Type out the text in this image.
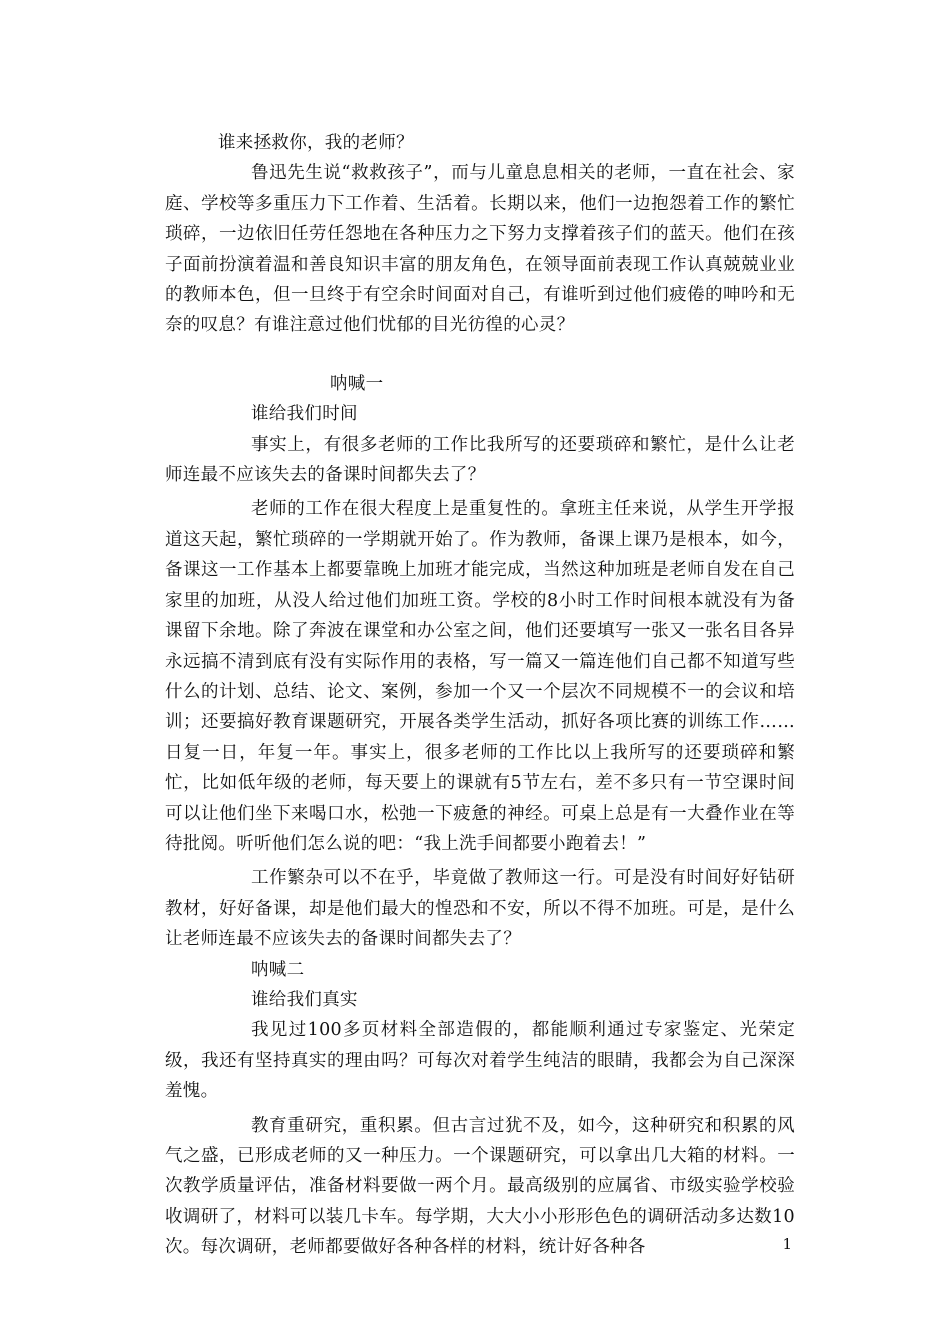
谁来拯救你，我的老师？

鲁迅先生说“救救孩子”，而与儿童息息相关的老师，一直在社会、家庭、学校等多重压力下工作着、生活着。长期以来，他们一边抱怨着工作的繁忙琐碎，一边依旧任劳任怨地在各种压力之下努力支撑着孩子们的蓝天。他们在孩子面前扮演着温和善良知识丰富的朋友角色，在领导面前表现工作认真兢兢业业的教师本色，但一旦终于有空余时间面对自己，有谁听到过他们疲倦的呻吟和无奈的叹息？有谁注意过他们忧郁的目光彷徨的心灵？

呐喊一

谁给我们时间

事实上，有很多老师的工作比我所写的还要琐碎和繁忙，是什么让老师连最不应该失去的备课时间都失去了？

老师的工作在很大程度上是重复性的。拿班主任来说，从学生开学报道这天起，繁忙琐碎的一学期就开始了。作为教师，备课上课乃是根本，如今，备课这一工作基本上都要靠晚上加班才能完成，当然这种加班是老师自发在自己家里的加班，从没人给过他们加班工资。学校的8小时工作时间根本就没有为备课留下余地。除了奔波在课堂和办公室之间，他们还要填写一张又一张名目各异永远搞不清到底有没有实际作用的表格，写一篇又一篇连他们自己都不知道写些什么的计划、总结、论文、案例，参加一个又一个层次不同规模不一的会议和培训；还要搞好教育课题研究，开展各类学生活动，抓好各项比赛的训练工作……日复一日，年复一年。事实上，很多老师的工作比以上我所写的还要琐碎和繁忙，比如低年级的老师，每天要上的课就有5节左右，差不多只有一节空课时间可以让他们坐下来喝口水，松弛一下疲惫的神经。可桌上总是有一大叠作业在等待批阅。听听他们怎么说的吧：“我上洗手间都要小跑着去！”

工作繁杂可以不在乎，毕竟做了教师这一行。可是没有时间好好钻研教材，好好备课，却是他们最大的惶恐和不安，所以不得不加班。可是，是什么让老师连最不应该失去的备课时间都失去了？

呐喊二

谁给我们真实

我见过100多页材料全部造假的，都能顺利通过专家鉴定、光荣定级，我还有坚持真实的理由吗？可每次对着学生纯洁的眼睛，我都会为自己深深羞愧。

教育重研究，重积累。但古言过犹不及，如今，这种研究和积累的风气之盛，已形成老师的又一种压力。一个课题研究，可以拿出几大箱的材料。一次教学质量评估，准备材料要做一两个月。最高级别的应属省、市级实验学校验收调研了，材料可以装几卡车。每学期，大大小小形形色色的调研活动多达数10次。每次调研，老师都要做好各种各样的材料，统计好各种各	1
